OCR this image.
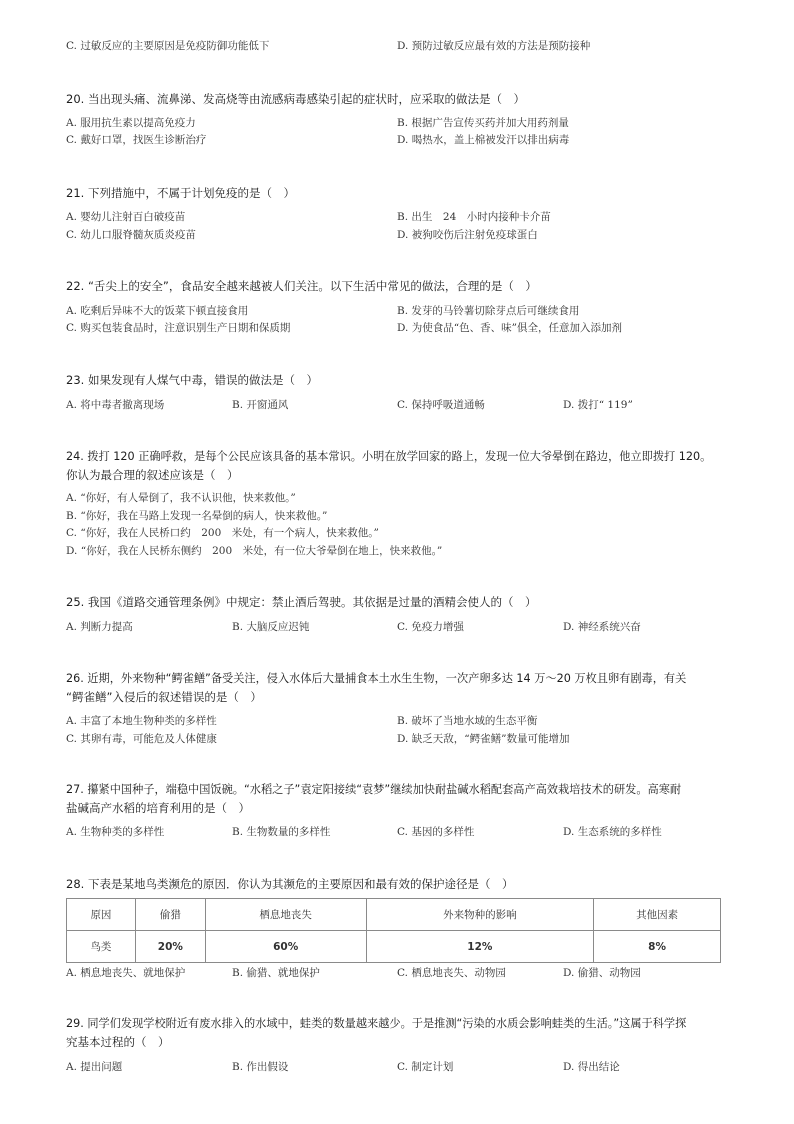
C. 过敏反应的主要原因是免疫防御功能低下	D. 预防过敏反应最有效的方法是预防接种
20. 当出现头痛、流鼻涕、发高烧等由流感病毒感染引起的症状时，应采取的做法是（　）
A. 服用抗生素以提高免疫力	B. 根据广告宣传买药并加大用药剂量
C. 戴好口罩，找医生诊断治疗	D. 喝热水，盖上棉被发汗以排出病毒
21. 下列措施中，不属于计划免疫的是（　）
A. 婴幼儿注射百白破疫苗	B. 出生　24　小时内接种卡介苗
C. 幼儿口服脊髓灰质炎疫苗	D. 被狗咬伤后注射免疫球蛋白
22. “舌尖上的安全”，食品安全越来越被人们关注。以下生活中常见的做法，合理的是（　）
A. 吃剩后异味不大的饭菜下顿直接食用	B. 发芽的马铃薯切除芽点后可继续食用
C. 购买包装食品时，注意识别生产日期和保质期	D. 为使食品“色、香、味”俱全，任意加入添加剂
23. 如果发现有人煤气中毒，错误的做法是（　）
A. 将中毒者撤离现场	B. 开窗通风	C. 保持呼吸道通畅	D. 拨打“ 119”
24. 拨打 120 正确呼救，是每个公民应该具备的基本常识。小明在放学回家的路上，发现一位大爷晕倒在路边，他立即拨打 120。
你认为最合理的叙述应该是（　）
A. “你好，有人晕倒了，我不认识他，快来救他。”
B. “你好，我在马路上发现一名晕倒的病人，快来救他。”
C. “你好，我在人民桥口约　200　米处，有一个病人，快来救他。”
D. “你好，我在人民桥东侧约　200　米处，有一位大爷晕倒在地上，快来救他。”
25. 我国《道路交通管理条例》中规定：禁止酒后驾驶。其依据是过量的酒精会使人的（　）
A. 判断力提高	B. 大脑反应迟钝	C. 免疫力增强	D. 神经系统兴奋
26. 近期，外来物种“鳄雀鳝”备受关注，侵入水体后大量捕食本土水生生物，一次产卵多达 14 万～20 万枚且卵有剧毒，有关
“鳄雀鳝”入侵后的叙述错误的是（　）
A. 丰富了本地生物种类的多样性	B. 破坏了当地水域的生态平衡
C. 其卵有毒，可能危及人体健康	D. 缺乏天敌，“鳄雀鳝”数量可能增加
27. 攥紧中国种子，端稳中国饭碗。“水稻之子”袁定阳接续“袁梦”继续加快耐盐碱水稻配套高产高效栽培技术的研发。高寒耐
盐碱高产水稻的培育利用的是（　）
A. 生物种类的多样性	B. 生物数量的多样性	C. 基因的多样性	D. 生态系统的多样性
28. 下表是某地鸟类濒危的原因．你认为其濒危的主要原因和最有效的保护途径是（　）
原因	偷猎	栖息地丧失	外来物种的影响	其他因素
鸟类	20%	60%	12%	8%
A. 栖息地丧失、就地保护	B. 偷猎、就地保护	C. 栖息地丧失、动物园	D. 偷猎、动物园
29. 同学们发现学校附近有废水排入的水域中，蛙类的数量越来越少。于是推测“污染的水质会影响蛙类的生活。”这属于科学探
究基本过程的（　）
A. 提出问题	B. 作出假设	C. 制定计划	D. 得出结论
